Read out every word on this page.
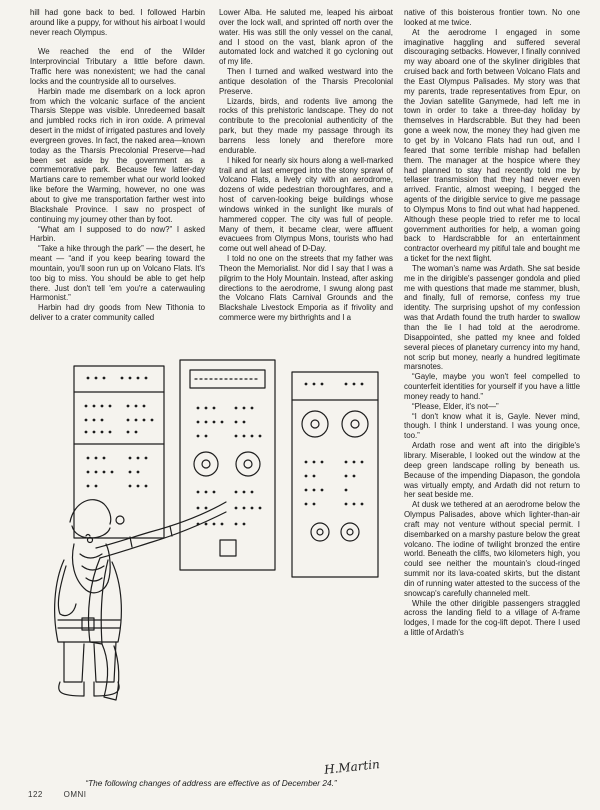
hill had gone back to bed. I followed Harbin around like a puppy, for without his airboat I would never reach Olympus.

We reached the end of the Wilder Interprovincial Tributary a little before dawn. Traffic here was nonexistent; we had the canal locks and the countryside all to ourselves.

Harbin made me disembark on a lock apron from which the volcanic surface of the ancient Tharsis Steppe was visible. Unredeemed basalt and jumbled rocks rich in iron oxide. A primeval desert in the midst of irrigated pastures and lovely evergreen groves. In fact, the naked area—known today as the Tharsis Precolonial Preserve—had been set aside by the government as a commemorative park. Because few latter-day Martians care to remember what our world looked like before the Warming, however, no one was about to give me transportation farther west into Blackshale Province. I saw no prospect of continuing my journey other than by foot.

“What am I supposed to do now?” I asked Harbin.

“Take a hike through the park” — the desert, he meant — “and if you keep bearing toward the mountain, you'll soon run up on Volcano Flats. It's too big to miss. You should be able to get help there. Just don't tell 'em you're a caterwauling Harmonist.”

Harbin had dry goods from New Tithonia to deliver to a crater community called

Lower Alba. He saluted me, leaped his airboat over the lock wall, and sprinted off north over the water. His was still the only vessel on the canal, and I stood on the vast, blank apron of the automated lock and watched it go cycloning out of my life.

Then I turned and walked westward into the antique desolation of the Tharsis Precolonial Preserve.

Lizards, birds, and rodents live among the rocks of this prehistoric landscape. They do not contribute to the precolonial authenticity of the park, but they made my passage through its barrens less lonely and therefore more endurable.

I hiked for nearly six hours along a well-marked trail and at last emerged into the stony sprawl of Volcano Flats, a lively city with an aerodrome, dozens of wide pedestrian thoroughfares, and a host of carven-looking beige buildings whose windows winked in the sunlight like murals of hammered copper. The city was full of people. Many of them, it became clear, were affluent evacuees from Olympus Mons, tourists who had come out well ahead of D-Day.

I told no one on the streets that my father was Theon the Memorialist. Nor did I say that I was a pilgrim to the Holy Mountain. Instead, after asking directions to the aerodrome, I swung along past the Volcano Flats Carnival Grounds and the Blackshale Livestock Emporia as if frivolity and commerce were my birthrights and I a

native of this boisterous frontier town. No one looked at me twice.

At the aerodrome I engaged in some imaginative haggling and suffered several discouraging setbacks. However, I finally connived my way aboard one of the skyliner dirigibles that cruised back and forth between Volcano Flats and the East Olympus Palisades. My story was that my parents, trade representatives from Epur, on the Jovian satellite Ganymede, had left me in town in order to take a three-day holiday by themselves in Hardscrabble. But they had been gone a week now, the money they had given me to get by in Volcano Flats had run out, and I feared that some terrible mishap had befallen them. The manager at the hospice where they had planned to stay had recently told me by tellaser transmission that they had never even arrived. Frantic, almost weeping, I begged the agents of the dirigible service to give me passage to Olympus Mons to find out what had happened. Although these people tried to refer me to local government authorities for help, a woman going back to Hardscrabble for an entertainment contractor overheard my pitiful tale and bought me a ticket for the next flight.

The woman's name was Ardath. She sat beside me in the dirigible's passenger gondola and plied me with questions that made me stammer, blush, and finally, full of remorse, confess my true identity. The surprising upshot of my confession was that Ardath found the truth harder to swallow than the lie I had told at the aerodrome. Disappointed, she patted my knee and folded several pieces of planetary currency into my hand, not scrip but money, nearly a hundred legitimate marsnotes.

“Gayle, maybe you won't feel compelled to counterfeit identities for yourself if you have a little money ready to hand.”

“Please, Elder, it's not—”

“I don't know what it is, Gayle. Never mind, though. I think I understand. I was young once, too.”

Ardath rose and went aft into the dirigible's library. Miserable, I looked out the window at the deep green landscape rolling by beneath us. Because of the impending Diapason, the gondola was virtually empty, and Ardath did not return to her seat beside me.

At dusk we tethered at an aerodrome below the Olympus Palisades, above which lighter-than-air craft may not venture without special permit. I disembarked on a marshy pasture below the great volcano. The iodine of twilight bronzed the entire world. Beneath the cliffs, two kilometers high, you could see neither the mountain's cloud-ringed summit nor its lava-coated skirts, but the distant din of running water attested to the success of the snowcap's carefully channeled melt.

While the other dirigible passengers straggled across the landing field to a village of A-frame lodges, I made for the cog-lift depot. There I used a little of Ardath's

H.Martin
“The following changes of address are effective as of December 24.”
122	OMNI
